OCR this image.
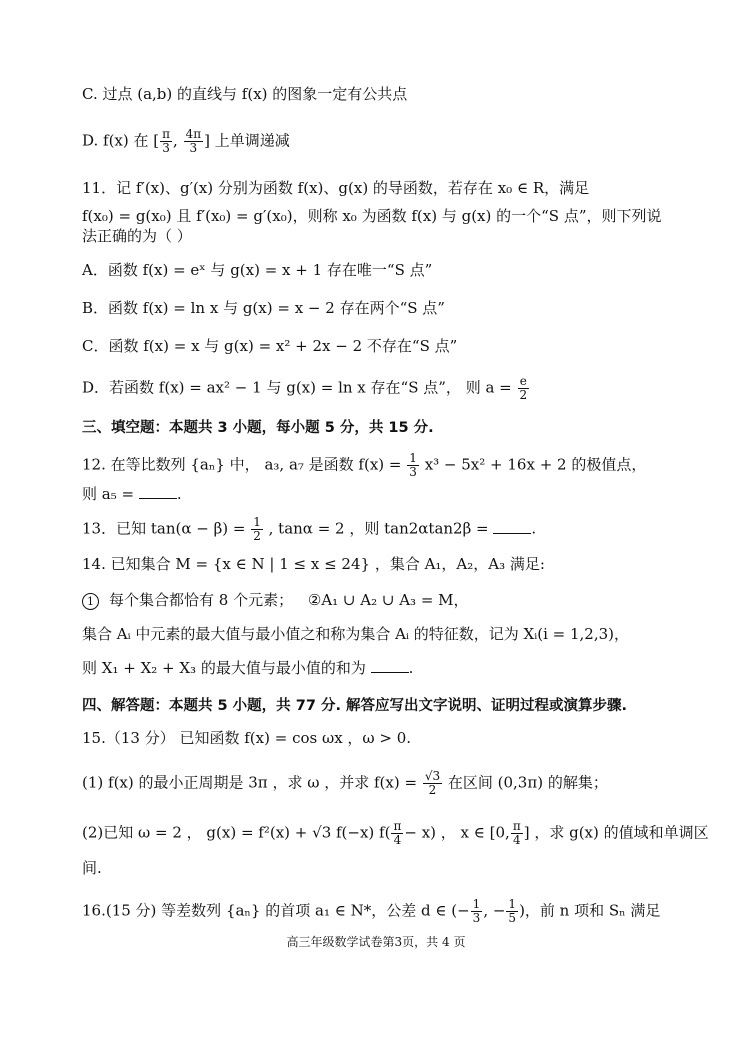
C. 过点 (a,b) 的直线与 f(x) 的图象一定有公共点
D. f(x) 在 [ $\frac{\pi}{3}$ , $\frac{4\pi}{3}$ ] 上单调递减
11．记 f′(x)、g′(x) 分别为函数 f(x)、g(x) 的导函数，若存在 x₀ ∈ R，满足
f(x₀) = g(x₀) 且 f′(x₀) = g′(x₀)，则称 x₀ 为函数 f(x) 与 g(x) 的一个“S 点”，则下列说
法正确的为（ ）
A．函数 f(x) = eˣ 与 g(x) = x + 1 存在唯一“S 点”
B．函数 f(x) = ln x 与 g(x) = x − 2 存在两个“S 点”
C．函数 f(x) = x 与 g(x) = x² + 2x − 2 不存在“S 点”
D．若函数 f(x) = ax² − 1 与 g(x) = ln x 存在“S 点”， 则 $a = \frac{e}{2}$
三、填空题：本题共 3 小题，每小题 5 分，共 15 分.
12. 在等比数列 {aₙ} 中， a₃, a₇ 是函数 $f(x) = \frac{1}{3} x^3 - 5x^2 + 16x + 2$ 的极值点，
则 a₅ =	.
13．已知 $\tan(\alpha - \beta) = \frac{1}{2}$ , tanα = 2 ，则 tan2αtan2β =	.
14. 已知集合 M = {x ∈ N | 1 ≤ x ≤ 24} ，集合 A₁，A₂，A₃ 满足:
1 每个集合都恰有 8 个元素； ②A₁ ∪ A₂ ∪ A₃ = M，
集合 Aᵢ 中元素的最大值与最小值之和称为集合 Aᵢ 的特征数，记为 Xᵢ(i = 1,2,3)，
则 X₁ + X₂ + X₃ 的最大值与最小值的和为	.
四、解答题：本题共 5 小题，共 77 分. 解答应写出文字说明、证明过程或演算步骤.
15.（13 分） 已知函数 f(x) = cos ωx ，ω > 0.
(1) f(x) 的最小正周期是 3π ，求 ω ，并求 $f(x) = \frac{√3}{2}$ 在区间 (0,3π) 的解集；
(2)已知 ω = 2 ， g(x) = f²(x) + √3 f(−x) $f( \frac{\pi}{4} - x)$ ， x ∈ [0, $\frac{\pi}{4}$ ] ，求 g(x) 的值域和单调区
间.
16.(15 分) 等差数列 {aₙ} 的首项 a₁ ∈ N*，公差 d ∈ (− $\frac{1}{3}$ , − $\frac{1}{5}$ )，前 n 项和 Sₙ 满足
高三年级数学试卷第3页，共 4 页
